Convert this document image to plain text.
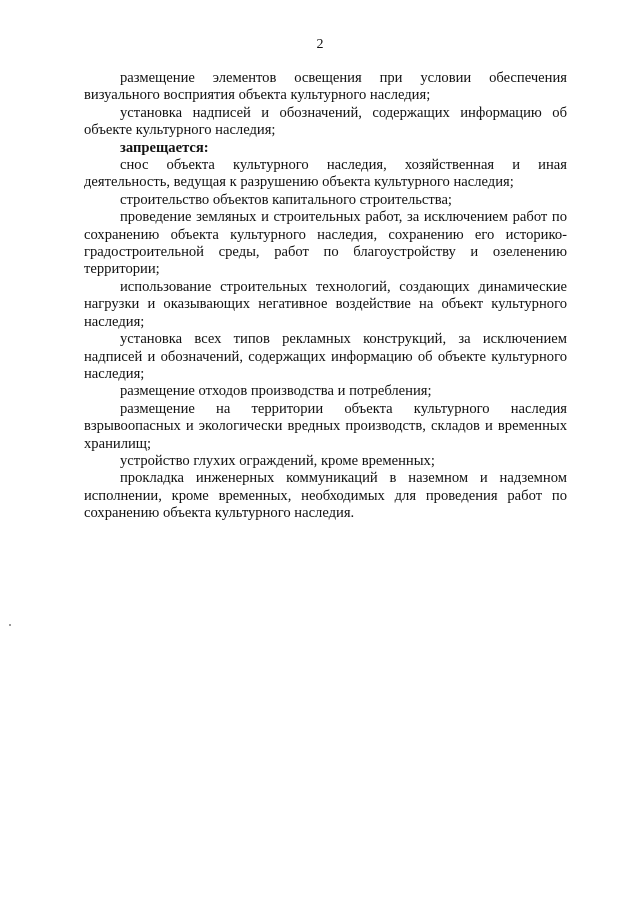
2

размещение элементов освещения при условии обеспечения визуального восприятия объекта культурного наследия;

установка надписей и обозначений, содержащих информацию об объекте культурного наследия;

запрещается:

снос объекта культурного наследия, хозяйственная и иная деятельность, ведущая к разрушению объекта культурного наследия;

строительство объектов капитального строительства;

проведение земляных и строительных работ, за исключением работ по сохранению объекта культурного наследия, сохранению его историко-градостроительной среды, работ по благоустройству и озеленению территории;

использование строительных технологий, создающих динамические нагрузки и оказывающих негативное воздействие на объект культурного наследия;

установка всех типов рекламных конструкций, за исключением надписей и обозначений, содержащих информацию об объекте культурного наследия;

размещение отходов производства и потребления;

размещение на территории объекта культурного наследия взрывоопасных и экологически вредных производств, складов и временных хранилищ;

устройство глухих ограждений, кроме временных;

прокладка инженерных коммуникаций в наземном и надземном исполнении, кроме временных, необходимых для проведения работ по сохранению объекта культурного наследия.
